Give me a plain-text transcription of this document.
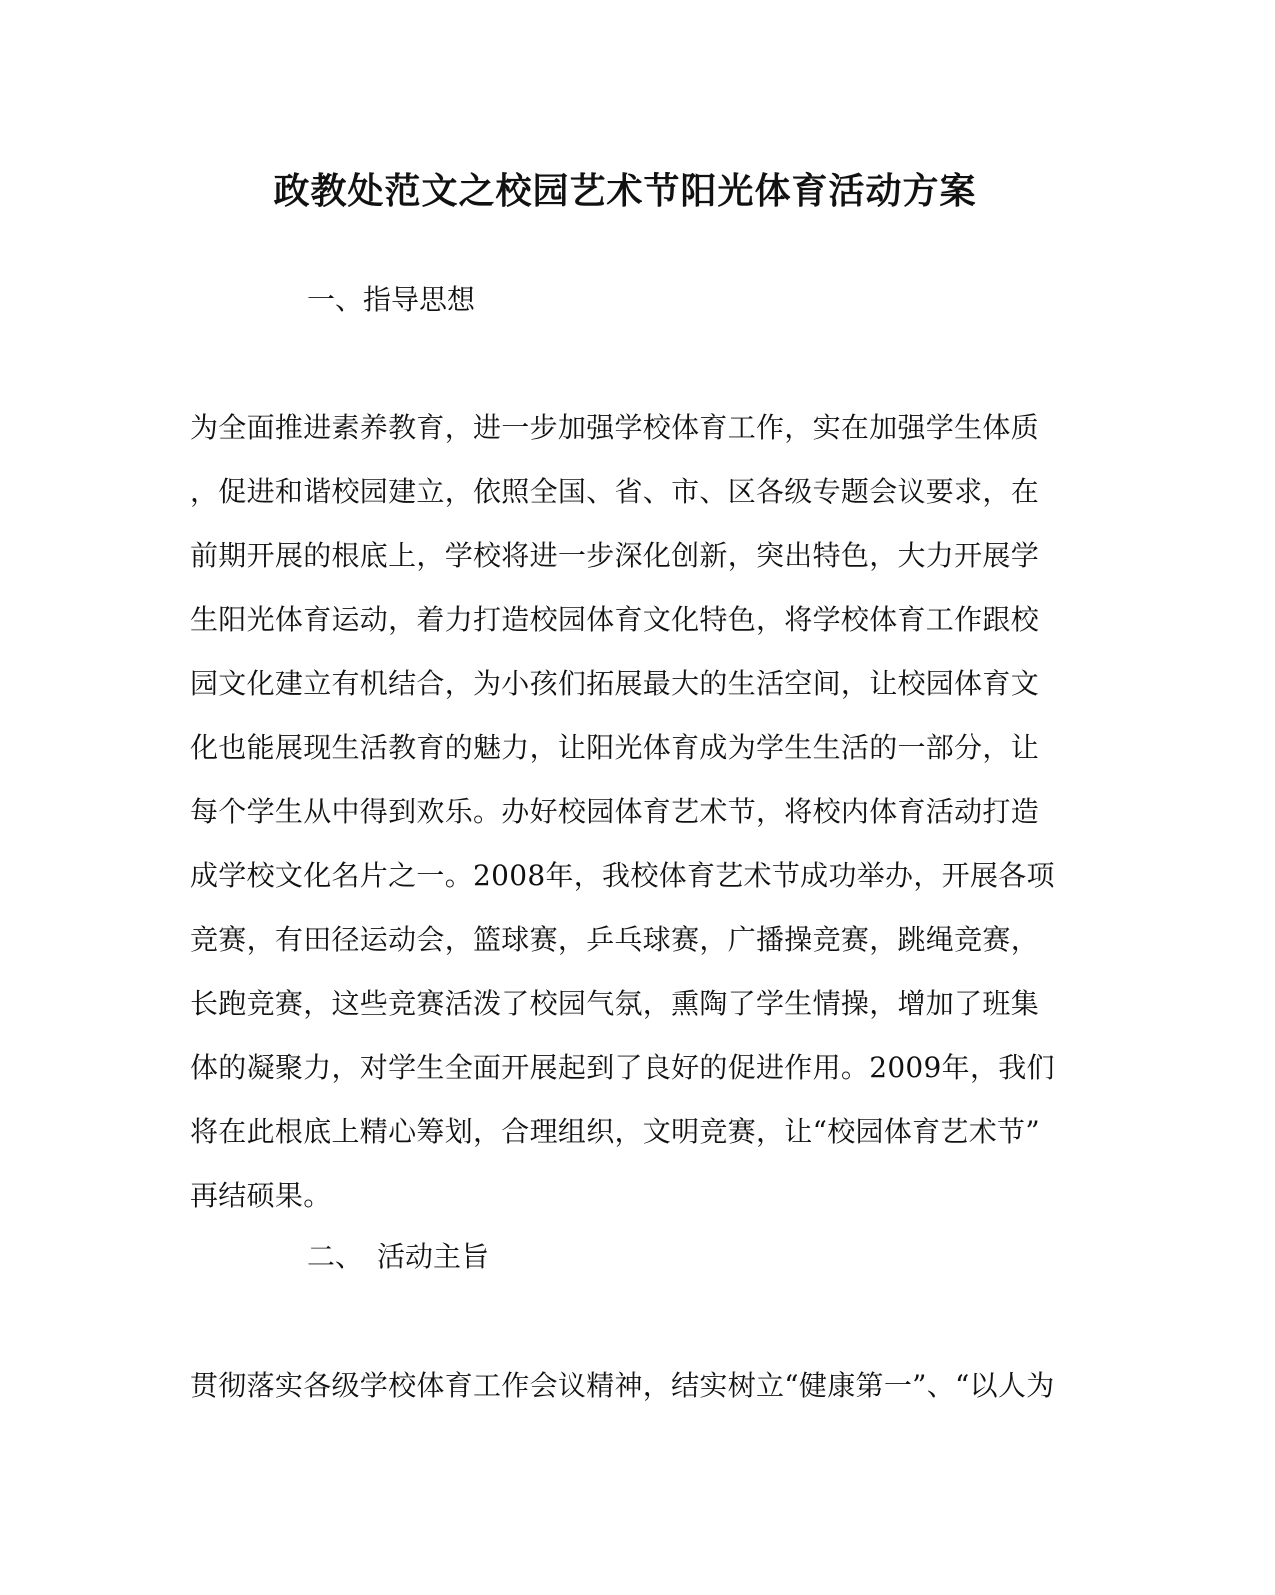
政教处范文之校园艺术节阳光体育活动方案
一、指导思想
为全面推进素养教育，进一步加强学校体育工作，实在加强学生体质
，促进和谐校园建立，依照全国、省、市、区各级专题会议要求，在
前期开展的根底上，学校将进一步深化创新，突出特色，大力开展学
生阳光体育运动，着力打造校园体育文化特色，将学校体育工作跟校
园文化建立有机结合，为小孩们拓展最大的生活空间，让校园体育文
化也能展现生活教育的魅力，让阳光体育成为学生生活的一部分，让
每个学生从中得到欢乐。办好校园体育艺术节，将校内体育活动打造
成学校文化名片之一。2008年，我校体育艺术节成功举办，开展各项
竞赛，有田径运动会，篮球赛，乒乓球赛，广播操竞赛，跳绳竞赛，
长跑竞赛，这些竞赛活泼了校园气氛，熏陶了学生情操，增加了班集
体的凝聚力，对学生全面开展起到了良好的促进作用。2009年，我们
将在此根底上精心筹划，合理组织，文明竞赛，让“校园体育艺术节”
再结硕果。
二、 活动主旨
贯彻落实各级学校体育工作会议精神，结实树立“健康第一”、“以人为
